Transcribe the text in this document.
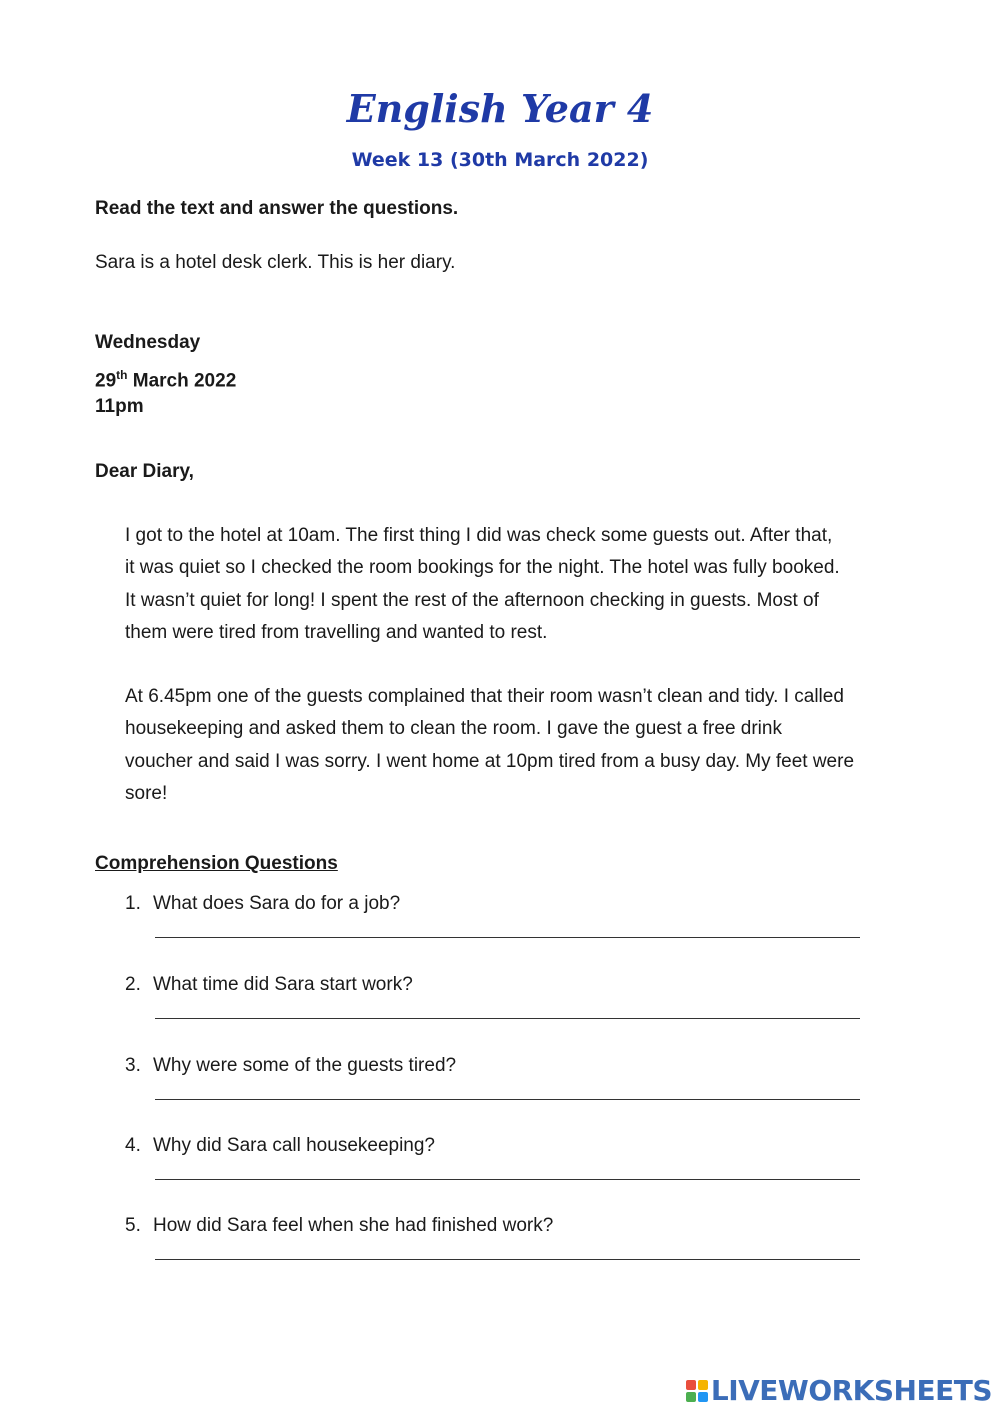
English Year 4
Week 13 (30th March 2022)
Read the text and answer the questions.
Sara is a hotel desk clerk. This is her diary.
Wednesday
29th March 2022
11pm
Dear Diary,
I got to the hotel at 10am. The first thing I did was check some guests out. After that,
it was quiet so I checked the room bookings for the night. The hotel was fully booked.
It wasn’t quiet for long! I spent the rest of the afternoon checking in guests. Most of
them were tired from travelling and wanted to rest.
At 6.45pm one of the guests complained that their room wasn’t clean and tidy. I called
housekeeping and asked them to clean the room. I gave the guest a free drink
voucher and said I was sorry. I went home at 10pm tired from a busy day. My feet were
sore!
Comprehension Questions
1. What does Sara do for a job?
2. What time did Sara start work?
3. Why were some of the guests tired?
4. Why did Sara call housekeeping?
5. How did Sara feel when she had finished work?
LIVEWORKSHEETS
